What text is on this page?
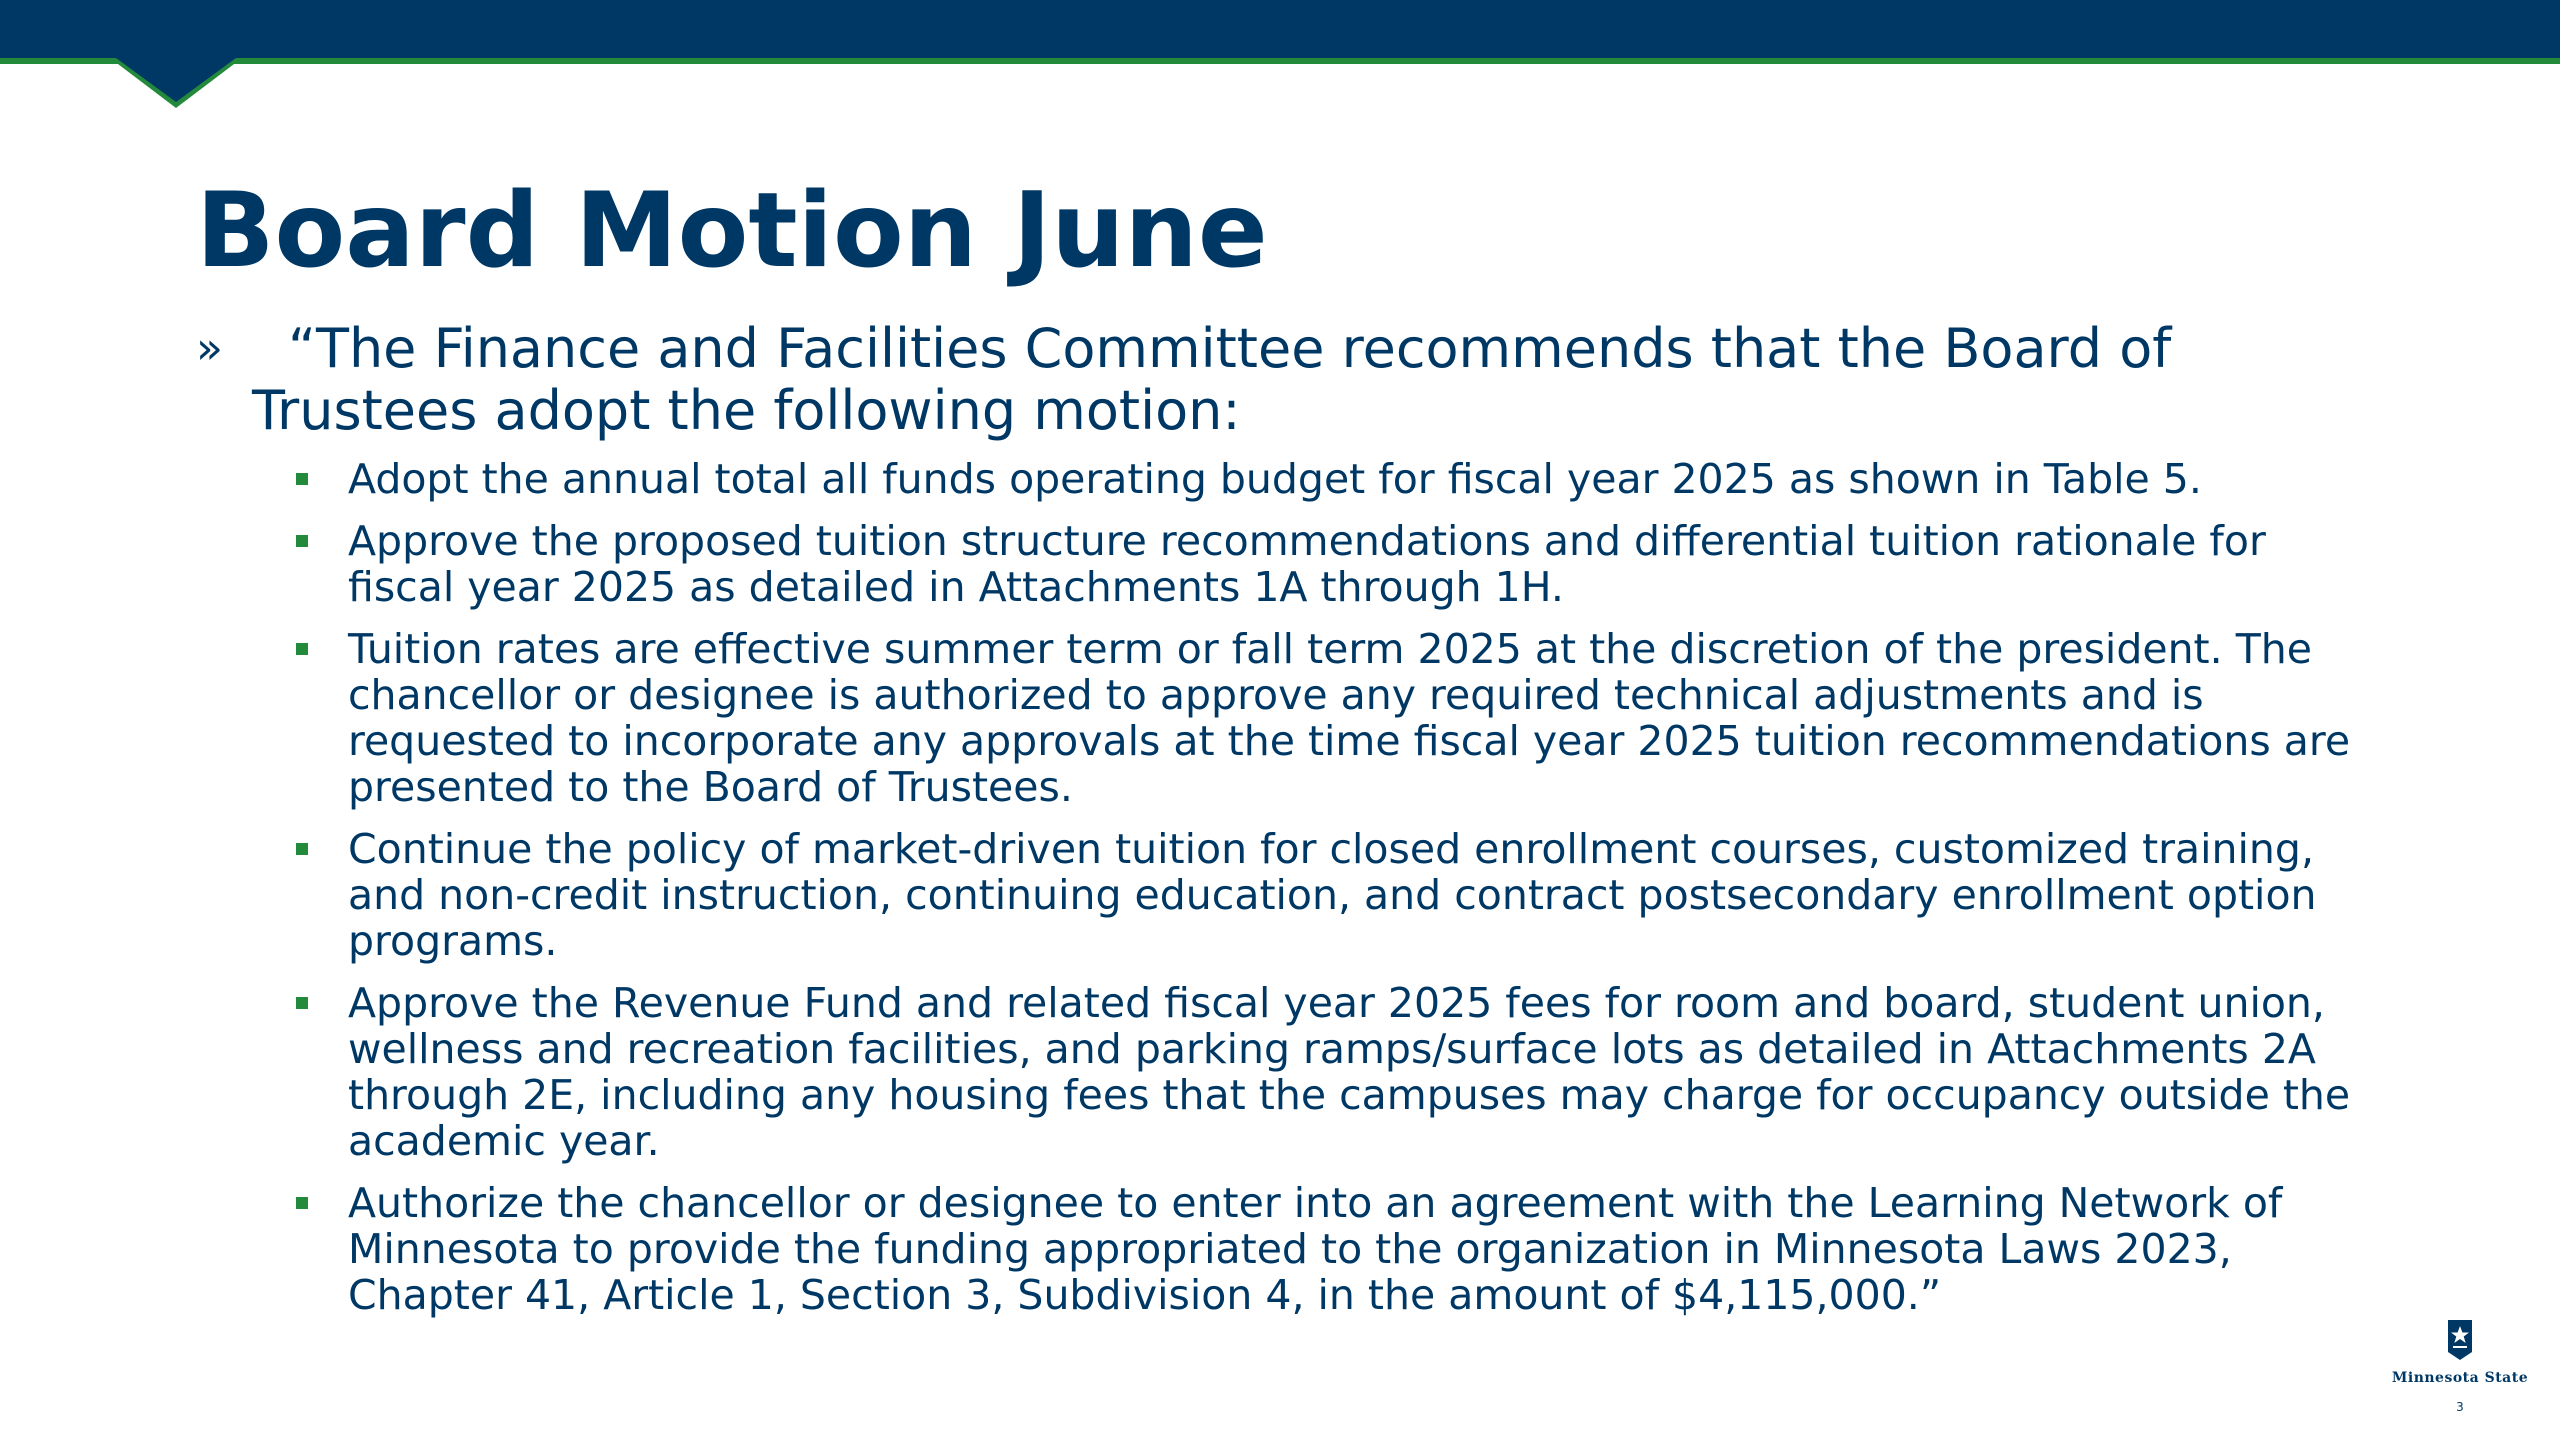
Board Motion June
»	“The Finance and Facilities Committee recommends that the Board of Trustees adopt the following motion:
Adopt the annual total all funds operating budget for fiscal year 2025 as shown in Table 5.
Approve the proposed tuition structure recommendations and differential tuition rationale for fiscal year 2025 as detailed in Attachments 1A through 1H.
Tuition rates are effective summer term or fall term 2025 at the discretion of the president. The chancellor or designee is authorized to approve any required technical adjustments and is requested to incorporate any approvals at the time fiscal year 2025 tuition recommendations are presented to the Board of Trustees.
Continue the policy of market-driven tuition for closed enrollment courses, customized training, and non-credit instruction, continuing education, and contract postsecondary enrollment option programs.
Approve the Revenue Fund and related fiscal year 2025 fees for room and board, student union, wellness and recreation facilities, and parking ramps/surface lots as detailed in Attachments 2A through 2E, including any housing fees that the campuses may charge for occupancy outside the academic year.
Authorize the chancellor or designee to enter into an agreement with the Learning Network of Minnesota to provide the funding appropriated to the organization in Minnesota Laws 2023, Chapter 41, Article 1, Section 3, Subdivision 4, in the amount of $4,115,000.”
Minnesota State
3
